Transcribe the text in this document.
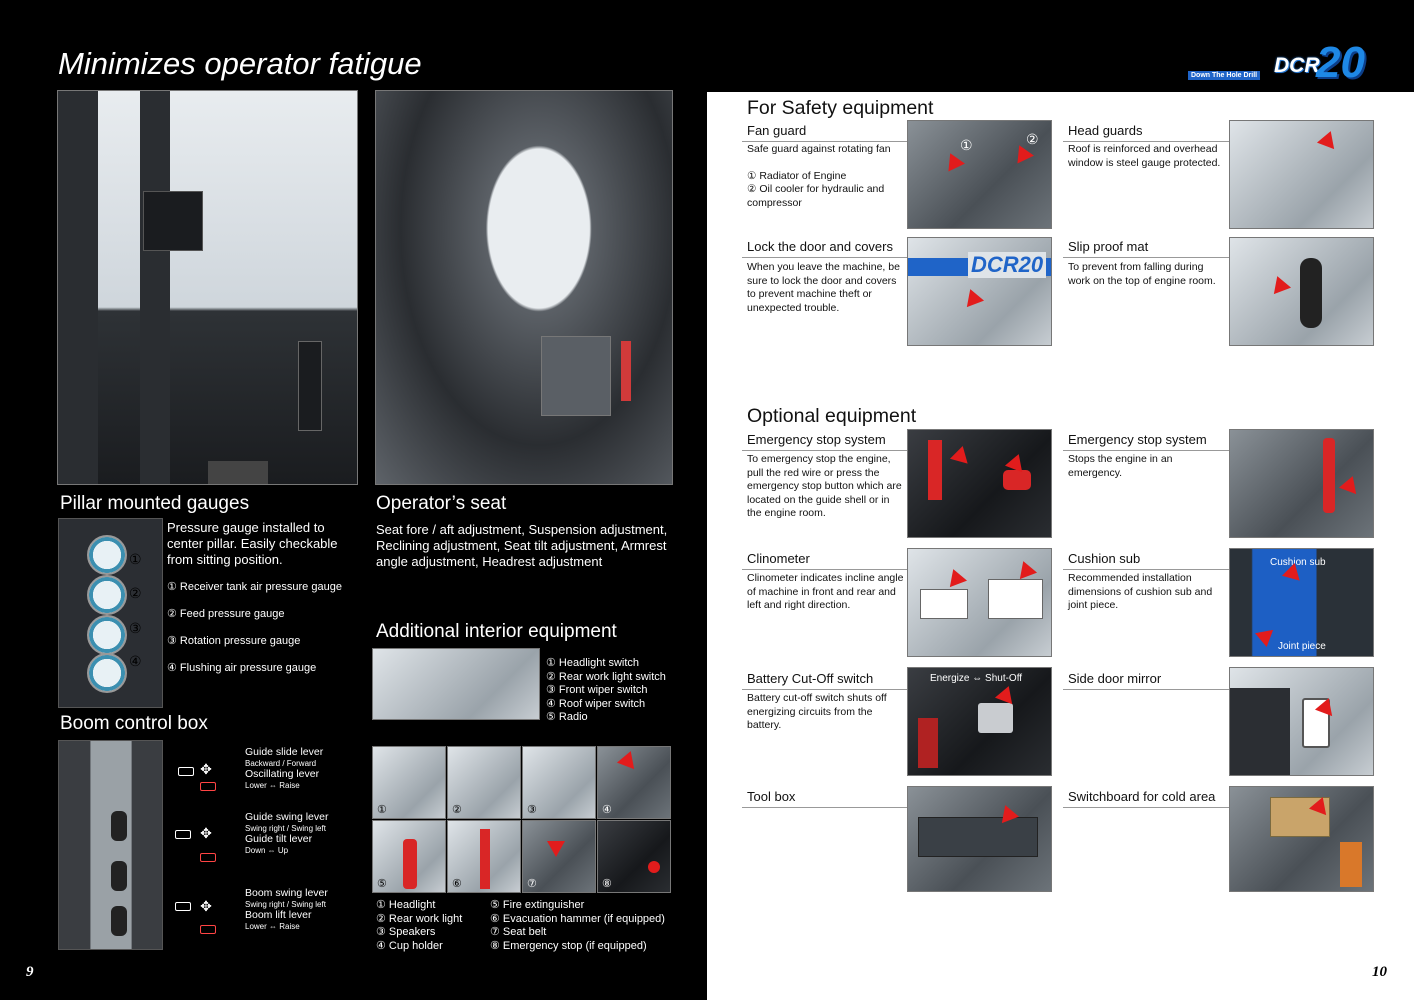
Minimizes operator fatigue	Down The Hole Drill DCR
20
Pillar mounted gauges
①
②
③
④
Pressure gauge installed to center pillar. Easily checkable from sitting position.
① Receiver tank air pressure gauge
② Feed pressure gauge
③ Rotation pressure gauge
④ Flushing air pressure gauge
Boom control box
✥
Guide slide lever
Backward / Forward
Oscillating lever
Lower ⇔ Raise
✥
Guide swing lever
Swing right / Swing left
Guide tilt lever
Down ⇔ Up
✥
Boom swing lever
Swing right / Swing left
Boom lift lever
Lower ⇔ Raise
Operator’s seat
Seat fore / aft adjustment, Suspension adjustment, Reclining adjustment, Seat tilt adjustment, Armrest angle adjustment, Headrest adjustment
Additional interior equipment
① Headlight switch
② Rear work light switch
③ Front wiper switch
④ Roof wiper switch
⑤ Radio
①	②	③	④
⑤	⑥	⑦	⑧
① Headlight
② Rear work light
③ Speakers
④ Cup holder
⑤ Fire extinguisher
⑥ Evacuation hammer (if equipped)
⑦ Seat belt
⑧ Emergency stop (if equipped)
9
For Safety equipment
Optional equipment
Fan guard
Safe guard against rotating fan
① Radiator of Engine
② Oil cooler for hydraulic and compressor
①	②
Head guards
Roof is reinforced and overhead window is steel gauge protected.
Lock the door and covers
When you leave the machine, be sure to lock the door and covers to prevent machine theft or unexpected trouble.
DCR20
Slip proof mat
To prevent from falling during work on the top of engine room.
Emergency stop system
To emergency stop the engine, pull the red wire or press the emergency stop button which are located on the guide shell or in the engine room.
Emergency stop system
Stops the engine in an emergency.
Clinometer
Clinometer indicates incline angle of machine in front and rear and left and right direction.
Cushion sub
Recommended installation dimensions of cushion sub and joint piece.
Cushion sub
Joint piece
Battery Cut-Off switch
Battery cut-off switch shuts off energizing circuits from the battery.
Energize ⇔ Shut-Off	Side door mirror
Tool box	Switchboard for cold area
10
